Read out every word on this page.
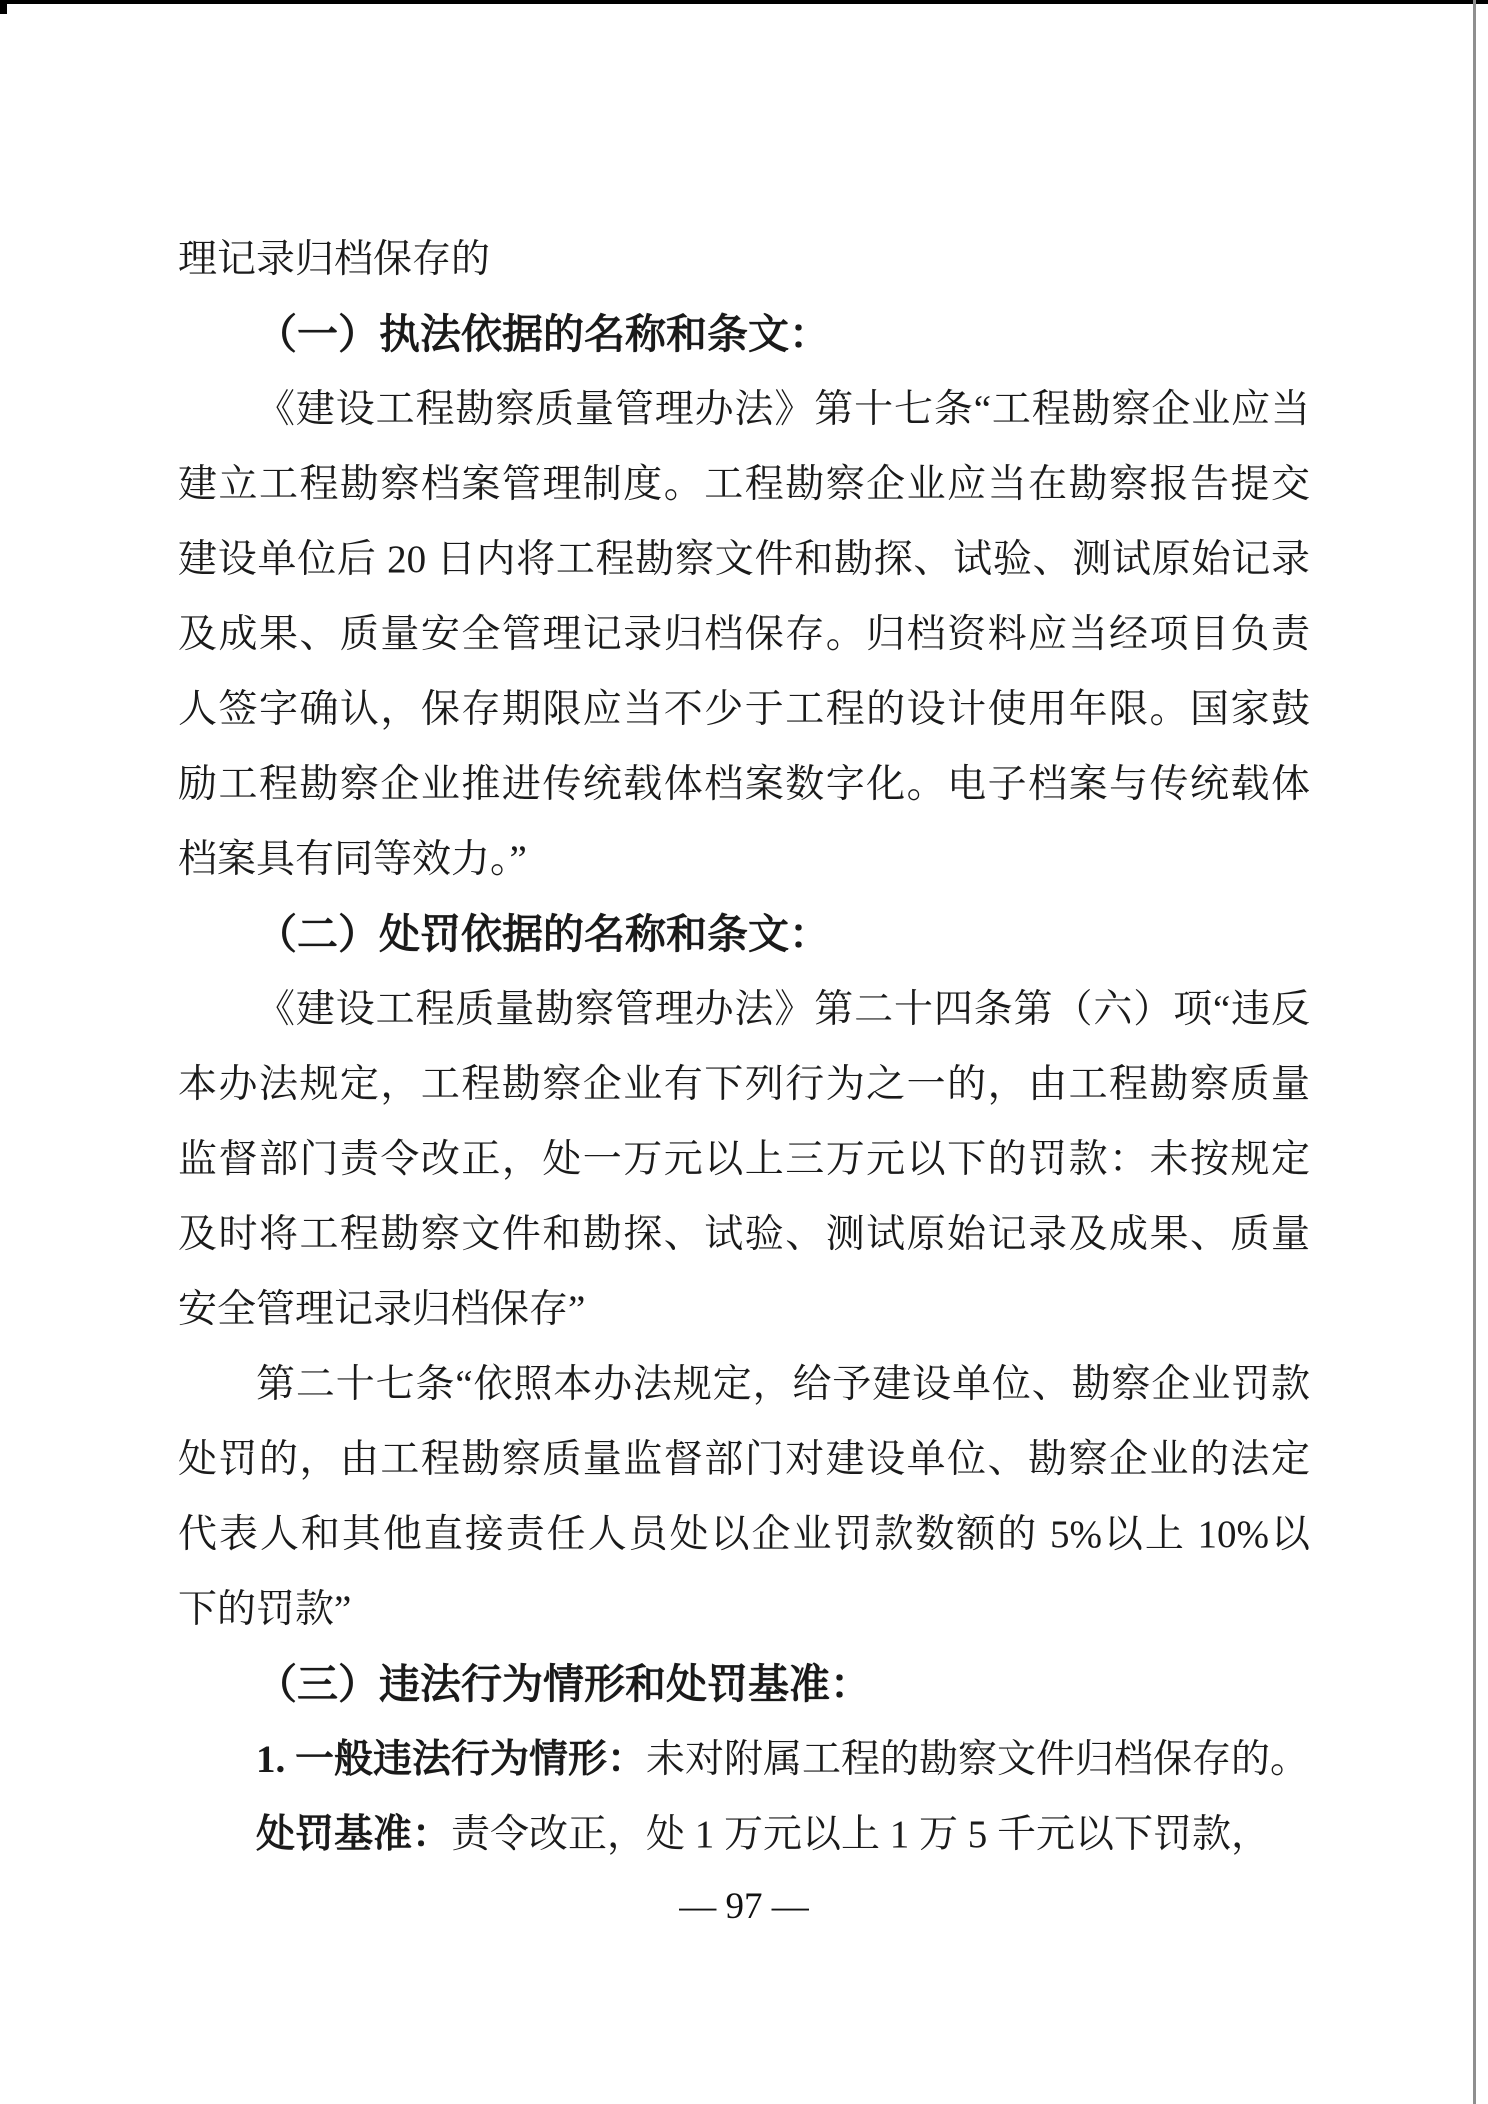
理记录归档保存的
（一）执法依据的名称和条文：
《建设工程勘察质量管理办法》第十七条“工程勘察企业应当
建立工程勘察档案管理制度。工程勘察企业应当在勘察报告提交
建设单位后 20 日内将工程勘察文件和勘探、试验、测试原始记录
及成果、质量安全管理记录归档保存。归档资料应当经项目负责
人签字确认，保存期限应当不少于工程的设计使用年限。国家鼓
励工程勘察企业推进传统载体档案数字化。电子档案与传统载体
档案具有同等效力。”
（二）处罚依据的名称和条文：
《建设工程质量勘察管理办法》第二十四条第（六）项“违反
本办法规定，工程勘察企业有下列行为之一的，由工程勘察质量
监督部门责令改正，处一万元以上三万元以下的罚款：未按规定
及时将工程勘察文件和勘探、试验、测试原始记录及成果、质量
安全管理记录归档保存”
第二十七条“依照本办法规定，给予建设单位、勘察企业罚款
处罚的，由工程勘察质量监督部门对建设单位、勘察企业的法定
代表人和其他直接责任人员处以企业罚款数额的 5%以上 10%以
下的罚款”
（三）违法行为情形和处罚基准：
1. 一般违法行为情形：未对附属工程的勘察文件归档保存的。
处罚基准：责令改正，处 1 万元以上 1 万 5 千元以下罚款，
— 97 —
